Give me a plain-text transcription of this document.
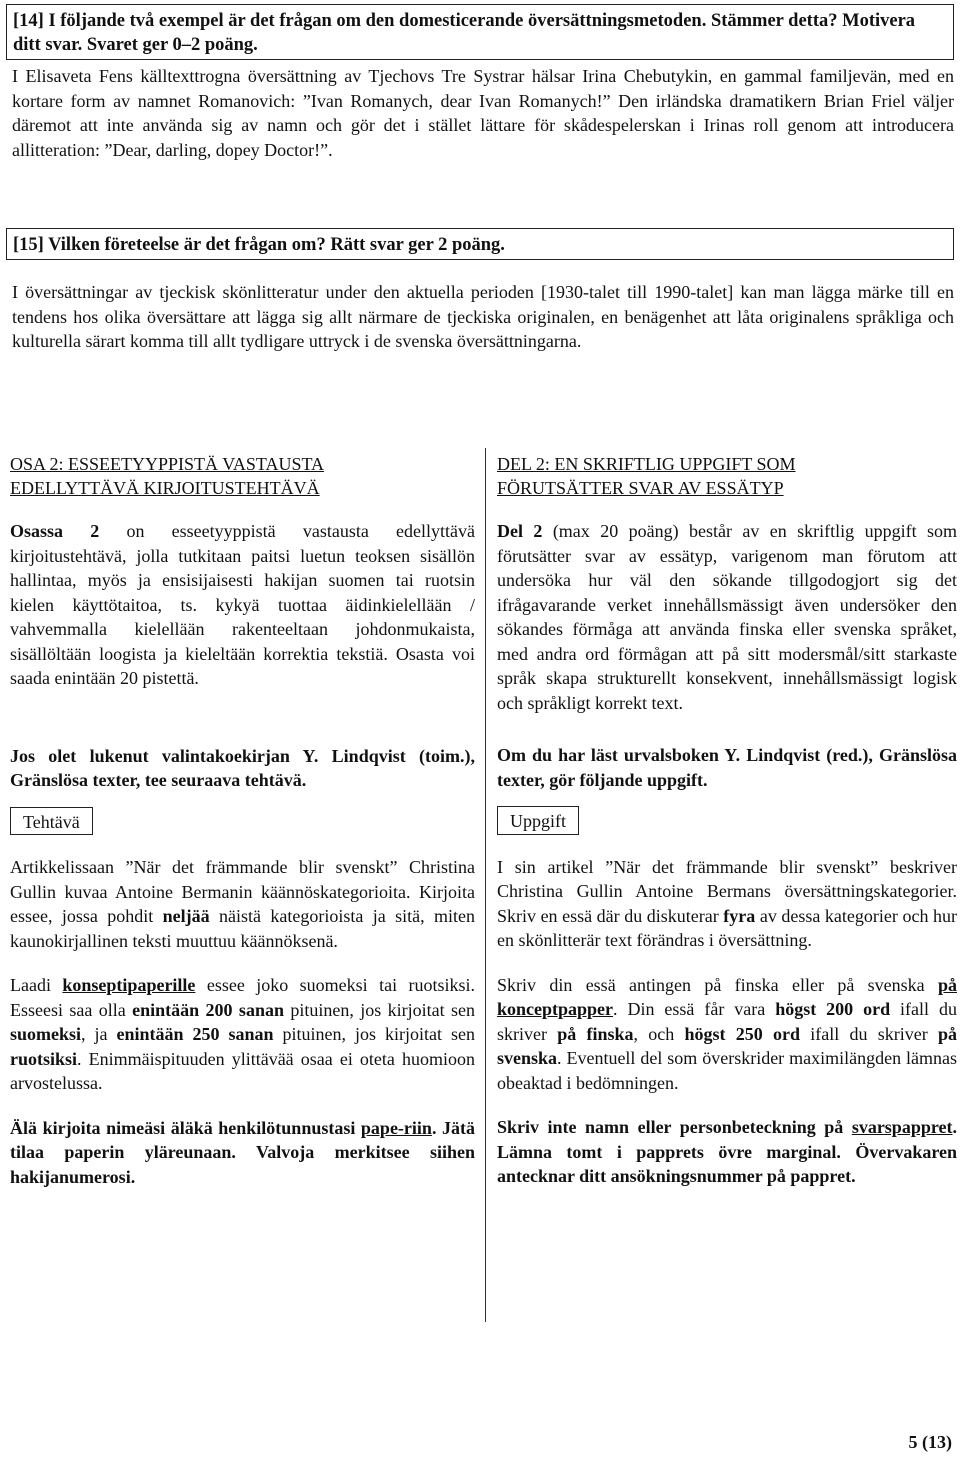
[14] I följande två exempel är det frågan om den domesticerande översättningsmetoden. Stämmer detta? Motivera ditt svar. Svaret ger 0–2 poäng.

I Elisaveta Fens källtexttrogna översättning av Tjechovs Tre Systrar hälsar Irina Chebutykin, en gammal familjevän, med en kortare form av namnet Romanovich: ”Ivan Romanych, dear Ivan Romanych!” Den irländska dramatikern Brian Friel väljer däremot att inte använda sig av namn och gör det i stället lättare för skådespelerskan i Irinas roll genom att introducera allitteration: ”Dear, darling, dopey Doctor!”.

[15] Vilken företeelse är det frågan om? Rätt svar ger 2 poäng.

I översättningar av tjeckisk skönlitteratur under den aktuella perioden [1930-talet till 1990-talet] kan man lägga märke till en tendens hos olika översättare att lägga sig allt närmare de tjeckiska originalen, en benägenhet att låta originalens språkliga och kulturella särart komma till allt tydligare uttryck i de svenska översättningarna.

OSA 2: ESSEETYYPPISTÄ VASTAUSTA
EDELLYTTÄVÄ KIRJOITUSTEHTÄVÄ

Osassa 2 on esseetyyppistä vastausta edellyttävä kirjoitustehtävä, jolla tutkitaan paitsi luetun teoksen sisällön hallintaa, myös ja ensisijaisesti hakijan suomen tai ruotsin kielen käyttötaitoa, ts. kykyä tuottaa äidinkielellään / vahvemmalla kielellään rakenteeltaan johdonmukaista, sisällöltään loogista ja kieleltään korrektia tekstiä. Osasta voi saada enintään 20 pistettä.

Jos olet lukenut valintakoekirjan Y. Lindqvist (toim.), Gränslösa texter, tee seuraava tehtävä.

Tehtävä

Artikkelissaan ”När det främmande blir svenskt” Christina Gullin kuvaa Antoine Bermanin käännöskategorioita. Kirjoita essee, jossa pohdit neljää näistä kategorioista ja sitä, miten kaunokirjallinen teksti muuttuu käännöksenä.

Laadi konseptipaperille essee joko suomeksi tai ruotsiksi. Esseesi saa olla enintään 200 sanan pituinen, jos kirjoitat sen suomeksi, ja enintään 250 sanan pituinen, jos kirjoitat sen ruotsiksi. Enimmäispituuden ylittävää osaa ei oteta huomioon arvostelussa.

Älä kirjoita nimeäsi äläkä henkilötunnustasi pape-riin. Jätä tilaa paperin yläreunaan. Valvoja merkitsee siihen hakijanumerosi.

DEL 2: EN SKRIFTLIG UPPGIFT SOM
FÖRUTSÄTTER SVAR AV ESSÄTYP

Del 2 (max 20 poäng) består av en skriftlig uppgift som förutsätter svar av essätyp, varigenom man förutom att undersöka hur väl den sökande tillgodogjort sig det ifrågavarande verket innehållsmässigt även undersöker den sökandes förmåga att använda finska eller svenska språket, med andra ord förmågan att på sitt modersmål/sitt starkaste språk skapa strukturellt konsekvent, innehållsmässigt logisk och språkligt korrekt text.

Om du har läst urvalsboken Y. Lindqvist (red.), Gränslösa texter, gör följande uppgift.

Uppgift

I sin artikel ”När det främmande blir svenskt” beskriver Christina Gullin Antoine Bermans översättningskategorier. Skriv en essä där du diskuterar fyra av dessa kategorier och hur en skönlitterär text förändras i översättning.

Skriv din essä antingen på finska eller på svenska på konceptpapper. Din essä får vara högst 200 ord ifall du skriver på finska, och högst 250 ord ifall du skriver på svenska. Eventuell del som överskrider maximilängden lämnas obeaktad i bedömningen.

Skriv inte namn eller personbeteckning på svarspappret. Lämna tomt i papprets övre marginal. Övervakaren antecknar ditt ansökningsnummer på pappret.

5 (13)
